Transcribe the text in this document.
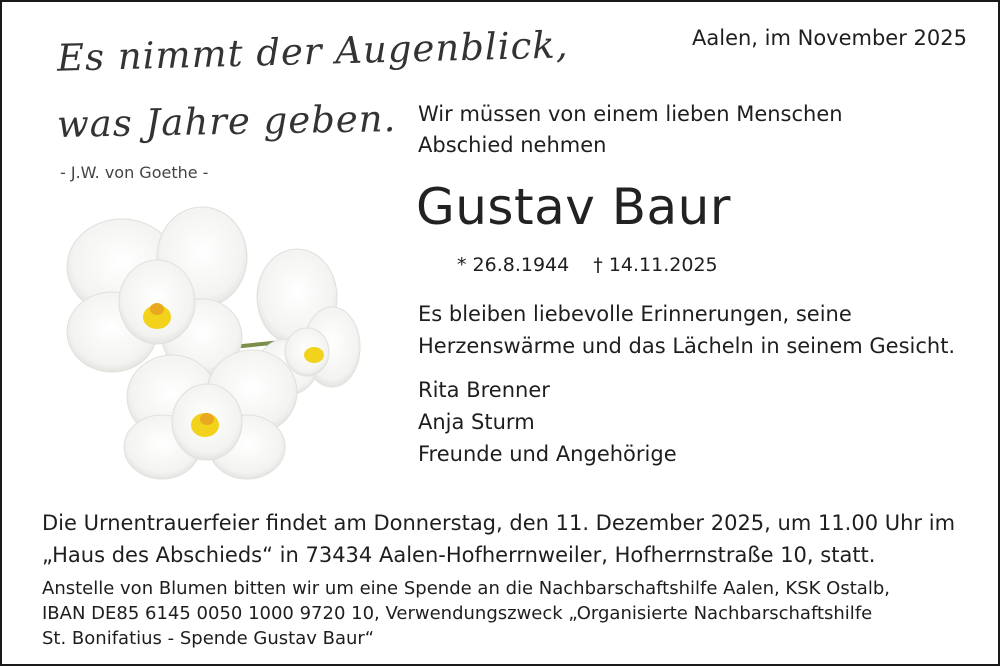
Es nimmt der Augenblick,
was Jahre geben.
- J.W. von Goethe -
Aalen, im November 2025
Wir müssen von einem lieben Menschen
Abschied nehmen
Gustav Baur
* 26.8.1944 † 14.11.2025
Es bleiben liebevolle Erinnerungen, seine
Herzenswärme und das Lächeln in seinem Gesicht.
Rita Brenner
Anja Sturm
Freunde und Angehörige
Die Urnentrauerfeier findet am Donnerstag, den 11. Dezember 2025, um 11.00 Uhr im
„Haus des Abschieds“ in 73434 Aalen-Hofherrnweiler, Hofherrnstraße 10, statt.
Anstelle von Blumen bitten wir um eine Spende an die Nachbarschaftshilfe Aalen, KSK Ostalb,
IBAN DE85 6145 0050 1000 9720 10, Verwendungszweck „Organisierte Nachbarschaftshilfe
St. Bonifatius - Spende Gustav Baur“
